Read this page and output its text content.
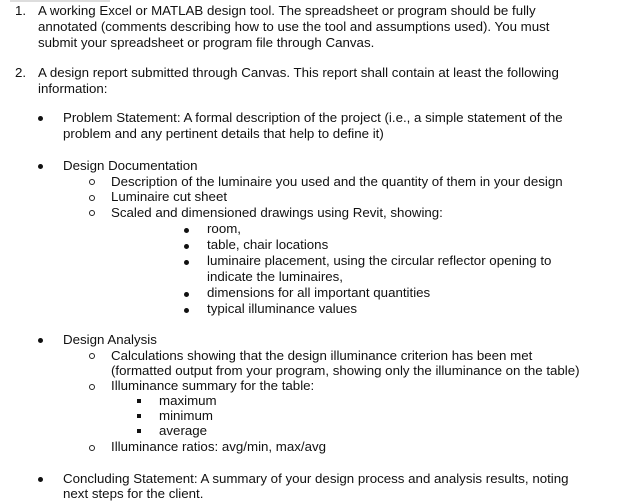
1. A working Excel or MATLAB design tool. The spreadsheet or program should be fully
annotated (comments describing how to use the tool and assumptions used). You must
submit your spreadsheet or program file through Canvas.
2. A design report submitted through Canvas. This report shall contain at least the following
information:
Problem Statement: A formal description of the project (i.e., a simple statement of the
problem and any pertinent details that help to define it)
Design Documentation
Description of the luminaire you used and the quantity of them in your design
Luminaire cut sheet
Scaled and dimensioned drawings using Revit, showing:
room,
table, chair locations
luminaire placement, using the circular reflector opening to
indicate the luminaires,
dimensions for all important quantities
typical illuminance values
Design Analysis
Calculations showing that the design illuminance criterion has been met
(formatted output from your program, showing only the illuminance on the table)
Illuminance summary for the table:
maximum
minimum
average
Illuminance ratios: avg/min, max/avg
Concluding Statement: A summary of your design process and analysis results, noting
next steps for the client.
